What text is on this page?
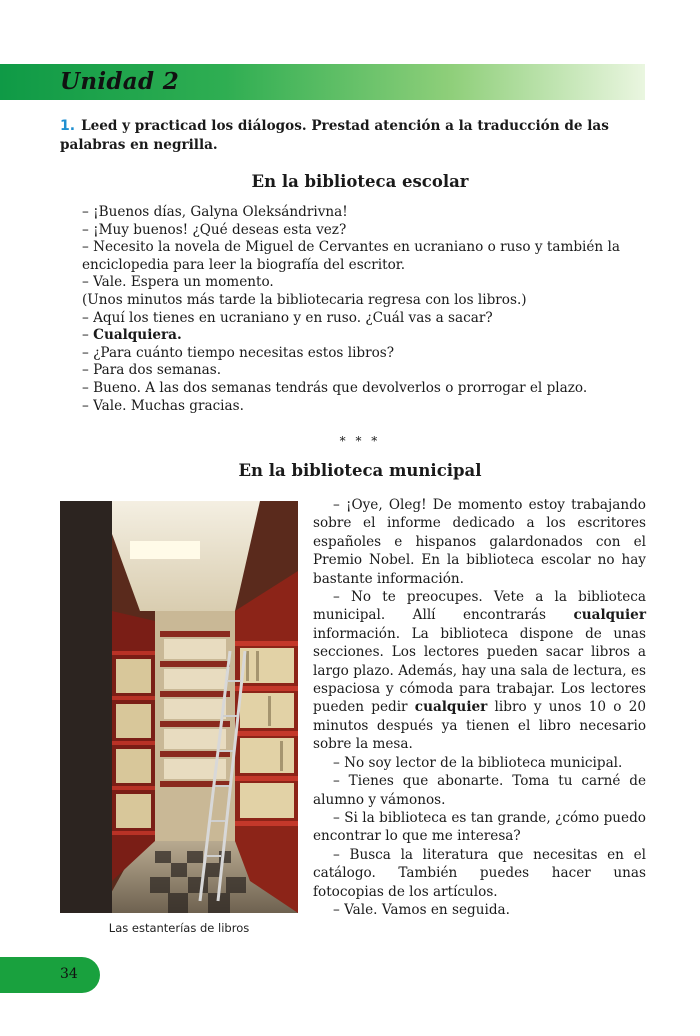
Unidad 2
1. Leed y practicad los diálogos. Prestad atención a la traducción de las palabras en negrilla.
En la biblioteca escolar
– ¡Buenos días, Galyna Oleksándrivna!
– ¡Muy buenos! ¿Qué deseas esta vez?
– Necesito la novela de Miguel de Cervantes en ucraniano o ruso y también la enciclopedia para leer la biografía del escritor.
– Vale. Espera un momento.
(Unos minutos más tarde la bibliotecaria regresa con los libros.)
– Aquí los tienes en ucraniano y en ruso. ¿Cuál vas a sacar?
– Cualquiera.
– ¿Para cuánto tiempo necesitas estos libros?
– Para dos semanas.
– Bueno. A las dos semanas tendrás que devolverlos o prorrogar el plazo.
– Vale. Muchas gracias.
* * *
En la biblioteca municipal
Las estanterías de libros

– ¡Oye, Oleg! De momento estoy trabajando sobre el informe dedicado a los escritores españoles e hispanos galardonados con el Premio Nobel. En la biblioteca escolar no hay bastante información.

– No te preocupes. Vete a la biblioteca municipal. Allí encontrarás cualquier información. La biblioteca dispone de unas secciones. Los lectores pueden sacar libros a largo plazo. Además, hay una sala de lectura, es espaciosa y cómoda para trabajar. Los lectores pueden pedir cualquier libro y unos 10 o 20 minutos después ya tienen el libro necesario sobre la mesa.

– No soy lector de la biblioteca municipal.

– Tienes que abonarte. Toma tu carné de alumno y vámonos.

– Si la biblioteca es tan grande, ¿cómo puedo encontrar lo que me interesa?

– Busca la literatura que necesitas en el catálogo. También puedes hacer unas fotocopias de los artículos.

– Vale. Vamos en seguida.

34
